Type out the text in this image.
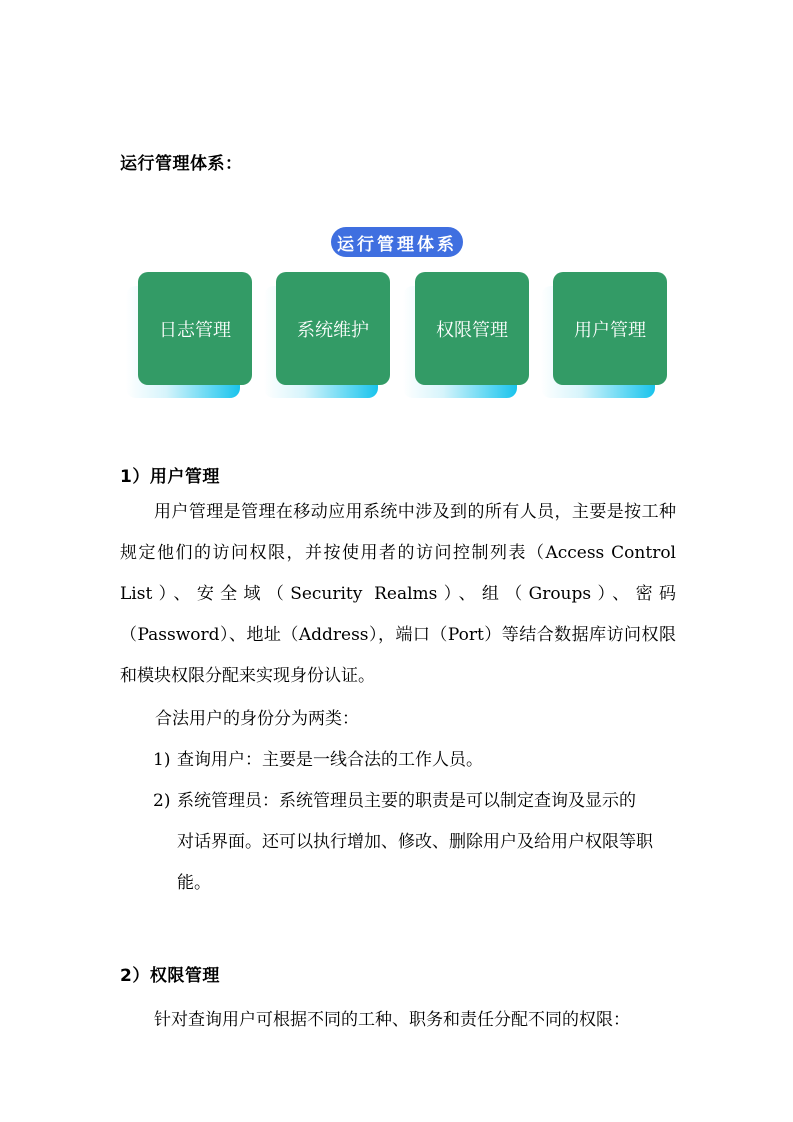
运行管理体系：
运行管理体系
日志管理	系统维护	权限管理	用户管理
1）用户管理
用户管理是管理在移动应用系统中涉及到的所有人员，主要是按工种规定他们的访问权限，并按使用者的访问控制列表（Access Control List）、安全域（Security Realms）、组（Groups）、密码（Password）、地址（Address），端口（Port）等结合数据库访问权限和模块权限分配来实现身份认证。
合法用户的身份分为两类：
1) 查询用户：主要是一线合法的工作人员。
2) 系统管理员：系统管理员主要的职责是可以制定查询及显示的
对话界面。还可以执行增加、修改、删除用户及给用户权限等职能。
2）权限管理
针对查询用户可根据不同的工种、职务和责任分配不同的权限：
